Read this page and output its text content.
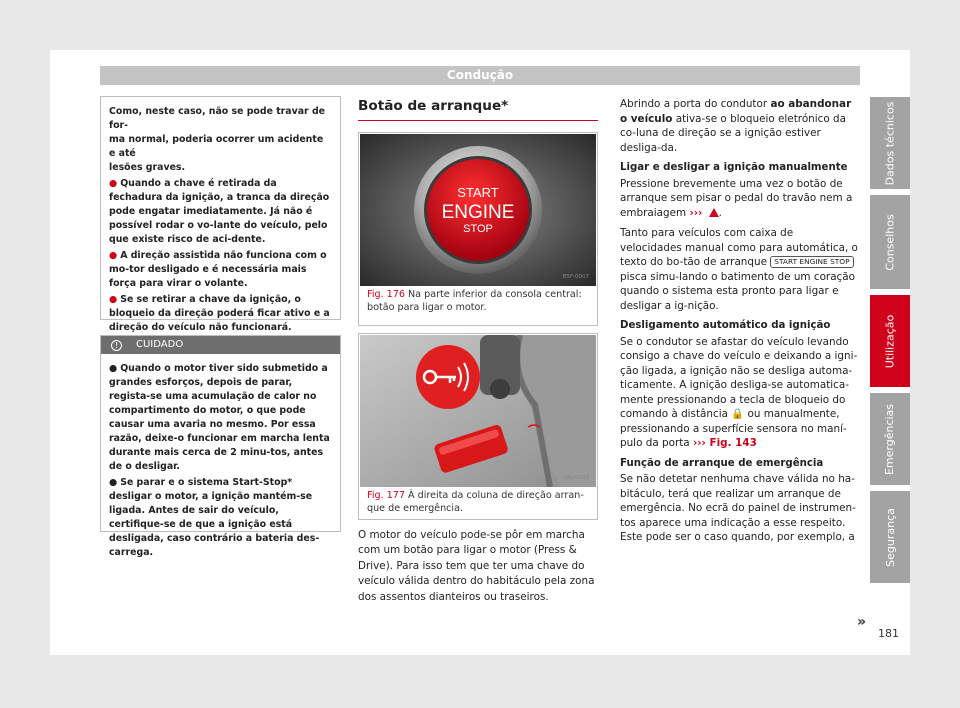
Condução
Como, neste caso, não se pode travar de for-
ma normal, poderia ocorrer um acidente e até
lesões graves.
● Quando a chave é retirada da fechadura da ignição, a tranca da direção pode engatar imediatamente. Já não é possível rodar o vo-lante do veículo, pelo que existe risco de aci-dente.
● A direção assistida não funciona com o mo-tor desligado e é necessária mais força para virar o volante.
● Se se retirar a chave da ignição, o bloqueio da direção poderá ficar ativo e a direção do veículo não funcionará.
! CUIDADO
● Quando o motor tiver sido submetido a grandes esforços, depois de parar, regista-se uma acumulação de calor no compartimento do motor, o que pode causar uma avaria no mesmo. Por essa razão, deixe-o funcionar em marcha lenta durante mais cerca de 2 minu-tos, antes de o desligar.
● Se parar e o sistema Start-Stop* desligar o motor, a ignição mantém-se ligada. Antes de sair do veículo, certifique-se de que a ignição está desligada, caso contrário a bateria des-carrega.
Botão de arranque*
START
ENGINE
STOP
B5F-0007
Fig. 176 Na parte inferior da consola central: botão para ligar o motor.
BKJ-0103
Fig. 177 À direita da coluna de direção arran-que de emergência.
O motor do veículo pode-se pôr em marcha com um botão para ligar o motor (Press & Drive). Para isso tem que ter uma chave do veículo válida dentro do habitáculo pela zona dos assentos dianteiros ou traseiros.

Abrindo a porta do condutor ao abandonar o veículo ativa-se o bloqueio eletrónico da co-luna de direção se a ignição estiver desliga-da.

Ligar e desligar a ignição manualmente

Pressione brevemente uma vez o botão de arranque sem pisar o pedal do travão nem a embraiagem ››› .

Tanto para veículos com caixa de velocidades manual como para automática, o texto do bo-tão de arranque START ENGINE STOP pisca simu-lando o batimento de um coração quando o sistema esta pronto para ligar e desligar a ig-nição.

Desligamento automático da ignição

Se o condutor se afastar do veículo levando consigo a chave do veículo e deixando a igni-ção ligada, a ignição não se desliga automa-ticamente. A ignição desliga-se automatica-mente pressionando a tecla de bloqueio do comando à distância 🔒 ou manualmente, pressionando a superfície sensora no maní-pulo da porta ››› Fig. 143

Função de arranque de emergência

Se não detetar nenhuma chave válida no ha-bitáculo, terá que realizar um arranque de emergência. No ecrã do painel de instrumen-tos aparece uma indicação a esse respeito. Este pode ser o caso quando, por exemplo, a

»
Dados técnicos
Conselhos
Utilização
Emergências
Segurança
181
